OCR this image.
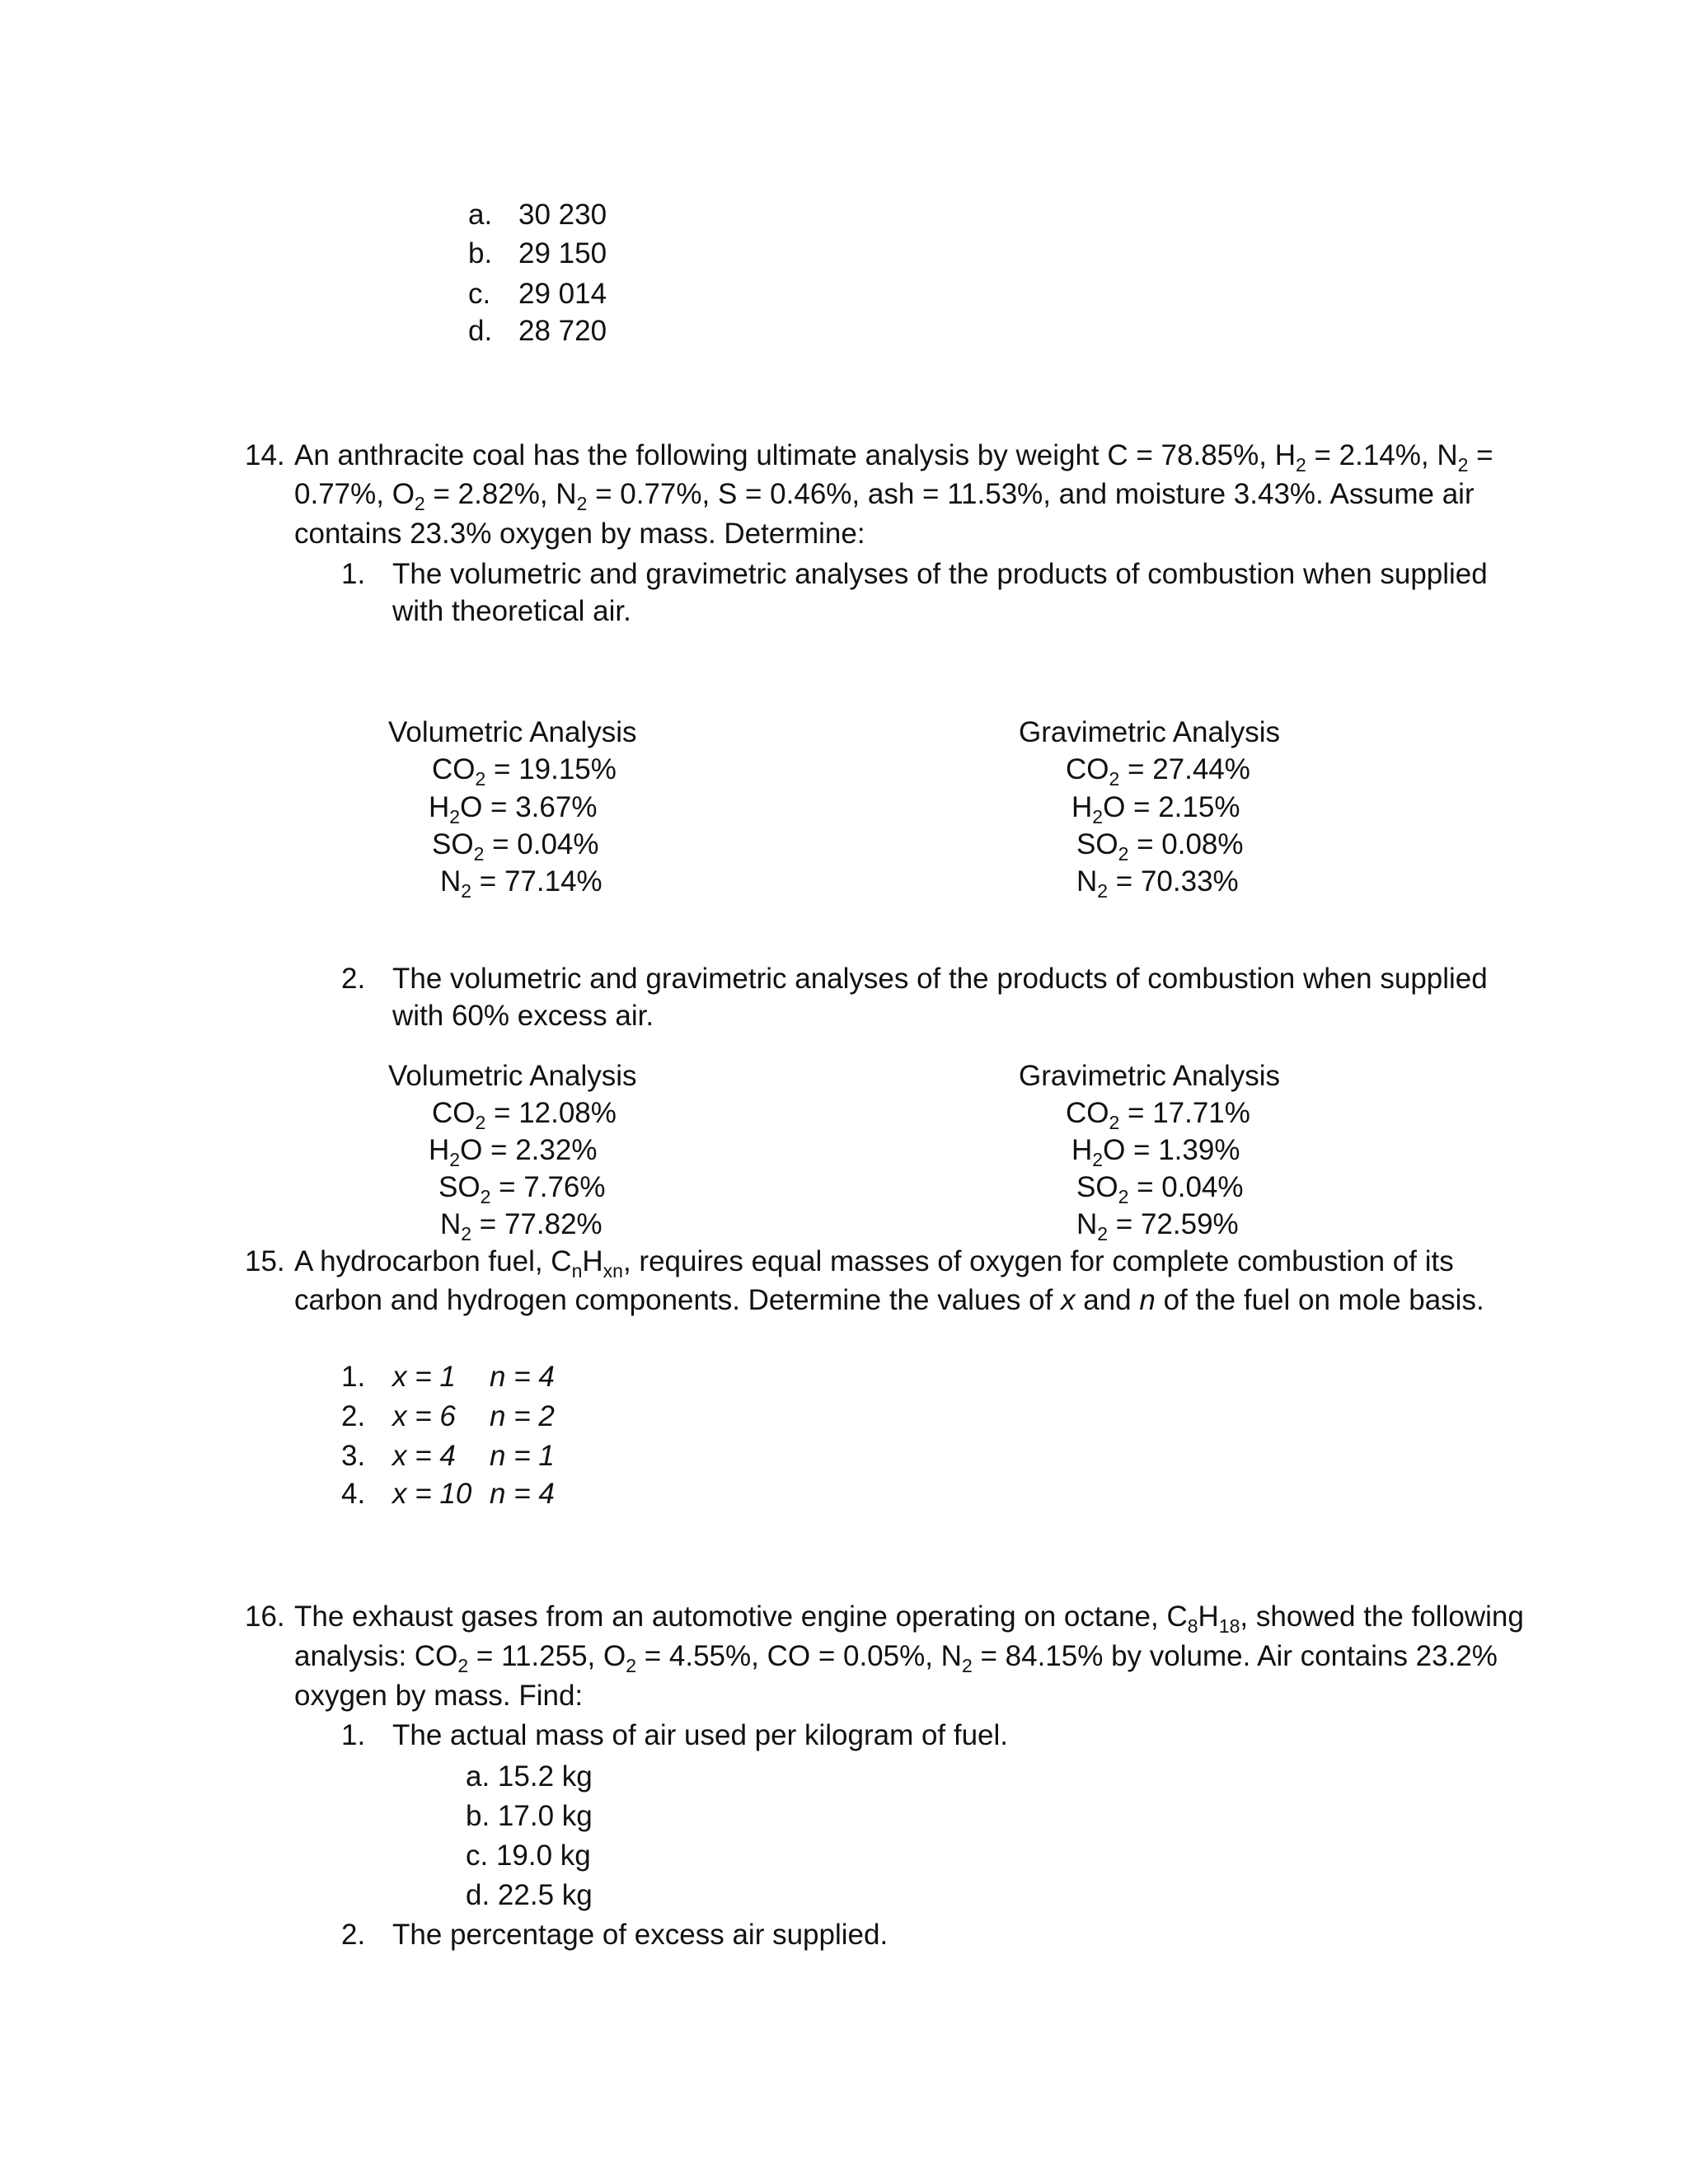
a. 30 230
b. 29 150
c. 29 014
d. 28 720
14. An anthracite coal has the following ultimate analysis by weight C = 78.85%, $H_2 = 2.14\%$, $N_2$ =
0.77%, $O_2 = 2.82\%$, $N_2 = 0.77\%$, S = 0.46%, ash = 11.53%, and moisture 3.43%. Assume air
contains 23.3% oxygen by mass. Determine:
1. The volumetric and gravimetric analyses of the products of combustion when supplied
with theoretical air.
Volumetric Analysis	Gravimetric Analysis
$CO_2 = 19.15\%$
$H_2O = 3.67\%$
$SO_2 = 0.04\%$
$N_2 = 77.14\%$
$CO_2 = 27.44\%$
$H_2O = 2.15\%$
$SO_2 = 0.08\%$
$N_2 = 70.33\%$
2. The volumetric and gravimetric analyses of the products of combustion when supplied
with 60% excess air.
Volumetric Analysis	Gravimetric Analysis
$CO_2 = 12.08\%$
$H_2O = 2.32\%$
$SO_2 = 7.76\%$
$N_2 = 77.82\%$
$CO_2 = 17.71\%$
$H_2O = 1.39\%$
$SO_2 = 0.04\%$
$N_2 = 72.59\%$
15. A hydrocarbon fuel, $C_nH_{xn}$, requires equal masses of oxygen for complete combustion of its
carbon and hydrogen components. Determine the values of x and n of the fuel on mole basis.
1. x = 1 n = 4
2. x = 6 n = 2
3. x = 4 n = 1
4. x = 10 n = 4
16. The exhaust gases from an automotive engine operating on octane, $C_8H_{18}$, showed the following
analysis: $CO_2 = 11.255$, $O_2 = 4.55\%$, CO = 0.05%, $N_2 = 84.15\%$ by volume. Air contains 23.2%
oxygen by mass. Find:
1. The actual mass of air used per kilogram of fuel.
a. 15.2 kg
b. 17.0 kg
c. 19.0 kg
d. 22.5 kg
2. The percentage of excess air supplied.
